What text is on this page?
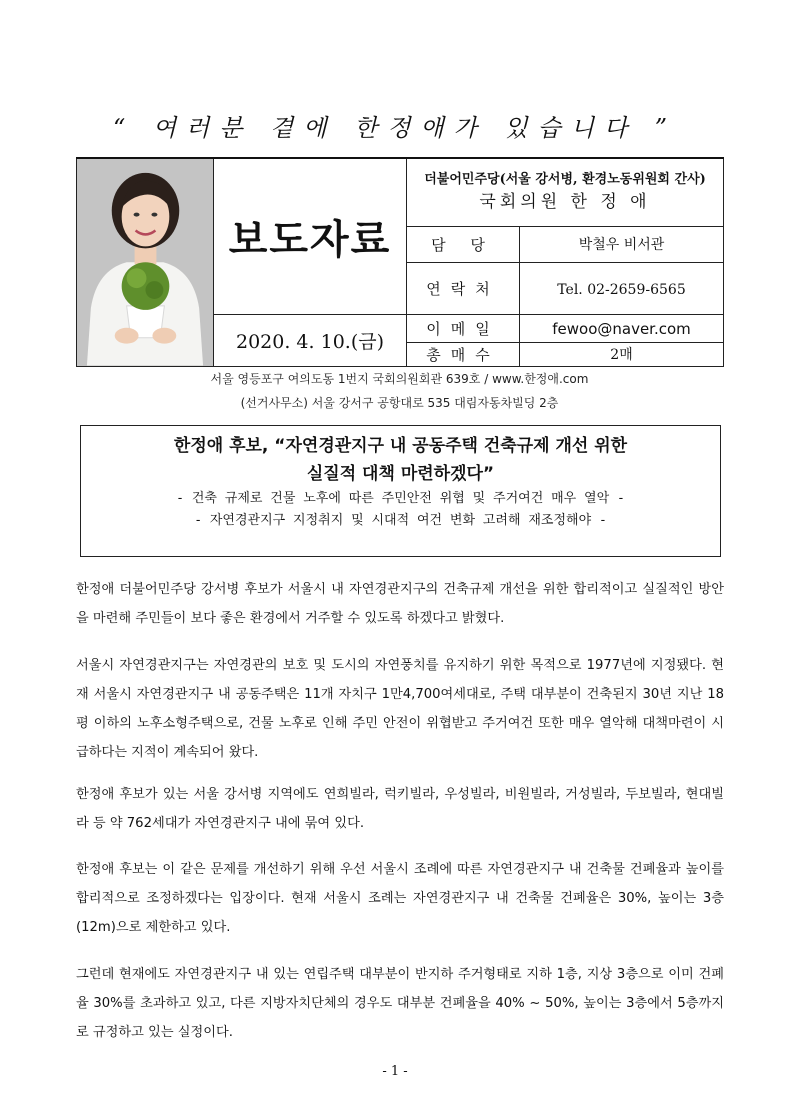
“ 여러분 곁에 한정애가 있습니다 ”
	보도자료	더불어민주당(서울 강서병, 환경노동위원회 간사)
국회의원 한 정 애	

		담 당	박철우 비서관
		연락처	Tel. 02-2659-6565
	2020. 4. 10.(금)	이메일	fewoo@naver.com
		총매수	2매
서울 영등포구 여의도동 1번지 국회의원회관 639호 / www.한정애.com
(선거사무소) 서울 강서구 공항대로 535 대림자동차빌딩 2층
한정애 후보, “자연경관지구 내 공동주택 건축규제 개선 위한
실질적 대책 마련하겠다”
- 건축 규제로 건물 노후에 따른 주민안전 위협 및 주거여건 매우 열악 -
- 자연경관지구 지정취지 및 시대적 여건 변화 고려해 재조정해야 -
한정애 더불어민주당 강서병 후보가 서울시 내 자연경관지구의 건축규제 개선을 위한 합리적이고 실질적인 방안을 마련해 주민들이 보다 좋은 환경에서 거주할 수 있도록 하겠다고 밝혔다.
서울시 자연경관지구는 자연경관의 보호 및 도시의 자연풍치를 유지하기 위한 목적으로 1977년에 지정됐다. 현재 서울시 자연경관지구 내 공동주택은 11개 자치구 1만4,700여세대로, 주택 대부분이 건축된지 30년 지난 18평 이하의 노후소형주택으로, 건물 노후로 인해 주민 안전이 위협받고 주거여건 또한 매우 열악해 대책마련이 시급하다는 지적이 계속되어 왔다.
한정애 후보가 있는 서울 강서병 지역에도 연희빌라, 럭키빌라, 우성빌라, 비원빌라, 거성빌라, 두보빌라, 현대빌라 등 약 762세대가 자연경관지구 내에 묶여 있다.
한정애 후보는 이 같은 문제를 개선하기 위해 우선 서울시 조례에 따른 자연경관지구 내 건축물 건폐율과 높이를 합리적으로 조정하겠다는 입장이다. 현재 서울시 조례는 자연경관지구 내 건축물 건폐율은 30%, 높이는 3층(12m)으로 제한하고 있다.
그런데 현재에도 자연경관지구 내 있는 연립주택 대부분이 반지하 주거형태로 지하 1층, 지상 3층으로 이미 건폐율 30%를 초과하고 있고, 다른 지방자치단체의 경우도 대부분 건폐율을 40% ~ 50%, 높이는 3층에서 5층까지로 규정하고 있는 실정이다.
- 1 -
